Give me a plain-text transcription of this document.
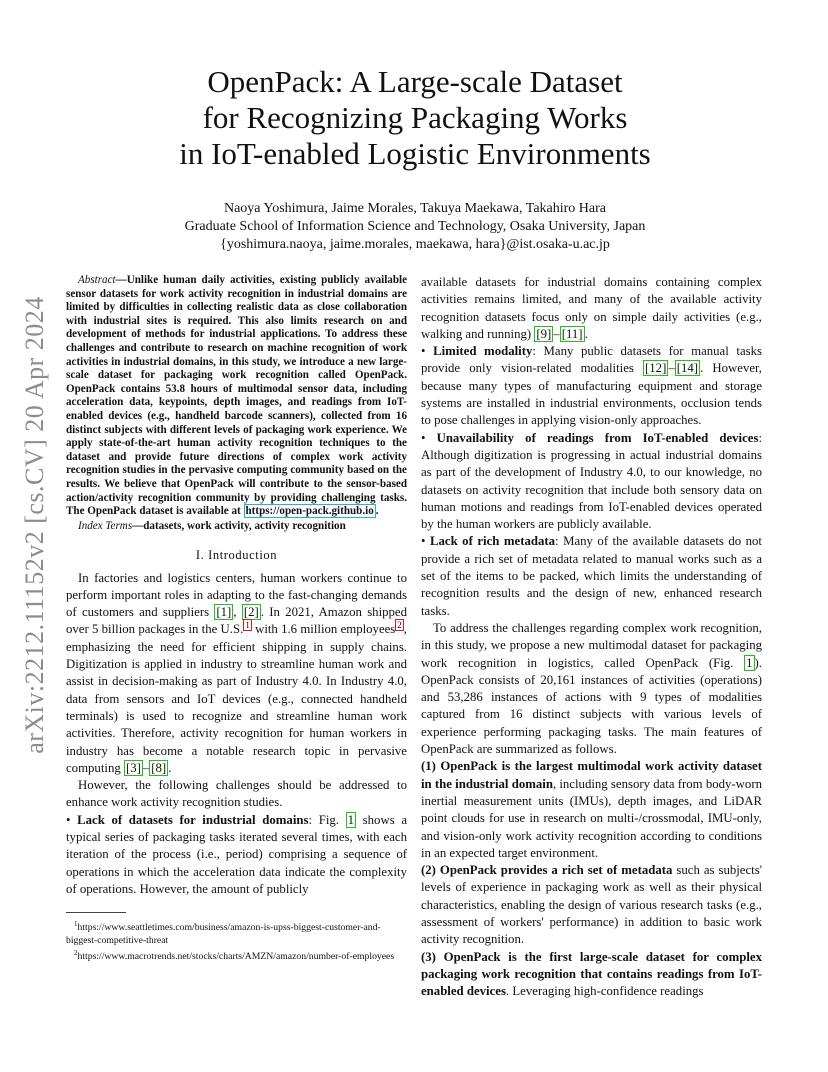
arXiv:2212.11152v2 [cs.CV] 20 Apr 2024
OpenPack: A Large-scale Dataset
for Recognizing Packaging Works
in IoT-enabled Logistic Environments
Naoya Yoshimura, Jaime Morales, Takuya Maekawa, Takahiro Hara
Graduate School of Information Science and Technology, Osaka University, Japan
{yoshimura.naoya, jaime.morales, maekawa, hara}@ist.osaka-u.ac.jp

Abstract—Unlike human daily activities, existing publicly available sensor datasets for work activity recognition in industrial domains are limited by difficulties in collecting realistic data as close collaboration with industrial sites is required. This also limits research on and development of methods for industrial applications. To address these challenges and contribute to research on machine recognition of work activities in industrial domains, in this study, we introduce a new large-scale dataset for packaging work recognition called OpenPack. OpenPack contains 53.8 hours of multimodal sensor data, including acceleration data, keypoints, depth images, and readings from IoT-enabled devices (e.g., handheld barcode scanners), collected from 16 distinct subjects with different levels of packaging work experience. We apply state-of-the-art human activity recognition techniques to the dataset and provide future directions of complex work activity recognition studies in the pervasive computing community based on the results. We believe that OpenPack will contribute to the sensor-based action/activity recognition community by providing challenging tasks. The OpenPack dataset is available at https://open-pack.github.io .

Index Terms—datasets, work activity, activity recognition

I. Introduction

In factories and logistics centers, human workers continue to perform important roles in adapting to the fast-changing demands of customers and suppliers [1] , [2] . In 2021, Amazon shipped over 5 billion packages in the U.S. $^1$ with 1.6 million employees $^2$ , emphasizing the need for efficient shipping in supply chains. Digitization is applied in industry to streamline human work and assist in decision-making as part of Industry 4.0. In Industry 4.0, data from sensors and IoT devices (e.g., connected handheld terminals) is used to recognize and streamline human work activities. Therefore, activity recognition for human workers in industry has become a notable research topic in pervasive computing [3] – [8] .

However, the following challenges should be addressed to enhance work activity recognition studies.

• Lack of datasets for industrial domains: Fig. 1 shows a typical series of packaging tasks iterated several times, with each iteration of the process (i.e., period) comprising a sequence of operations in which the acceleration data indicate the complexity of operations. However, the amount of publicly

$^1$https://www.seattletimes.com/business/amazon-is-upss-biggest-customer-and-biggest-competitive-threat

$^2$https://www.macrotrends.net/stocks/charts/AMZN/amazon/number-of-employees

available datasets for industrial domains containing complex activities remains limited, and many of the available activity recognition datasets focus only on simple daily activities (e.g., walking and running) [9] – [11] .

• Limited modality: Many public datasets for manual tasks provide only vision-related modalities [12] – [14] . However, because many types of manufacturing equipment and storage systems are installed in industrial environments, occlusion tends to pose challenges in applying vision-only approaches.

• Unavailability of readings from IoT-enabled devices: Although digitization is progressing in actual industrial domains as part of the development of Industry 4.0, to our knowledge, no datasets on activity recognition that include both sensory data on human motions and readings from IoT-enabled devices operated by the human workers are publicly available.

• Lack of rich metadata: Many of the available datasets do not provide a rich set of metadata related to manual works such as a set of the items to be packed, which limits the understanding of recognition results and the design of new, enhanced research tasks.

To address the challenges regarding complex work recognition, in this study, we propose a new multimodal dataset for packaging work recognition in logistics, called OpenPack (Fig. 1 ). OpenPack consists of 20,161 instances of activities (operations) and 53,286 instances of actions with 9 types of modalities captured from 16 distinct subjects with various levels of experience performing packaging tasks. The main features of OpenPack are summarized as follows.

(1) OpenPack is the largest multimodal work activity dataset in the industrial domain, including sensory data from body-worn inertial measurement units (IMUs), depth images, and LiDAR point clouds for use in research on multi-/crossmodal, IMU-only, and vision-only work activity recognition according to conditions in an expected target environment.

(2) OpenPack provides a rich set of metadata such as subjects' levels of experience in packaging work as well as their physical characteristics, enabling the design of various research tasks (e.g., assessment of workers' performance) in addition to basic work activity recognition.

(3) OpenPack is the first large-scale dataset for complex packaging work recognition that contains readings from IoT-enabled devices. Leveraging high-confidence readings
